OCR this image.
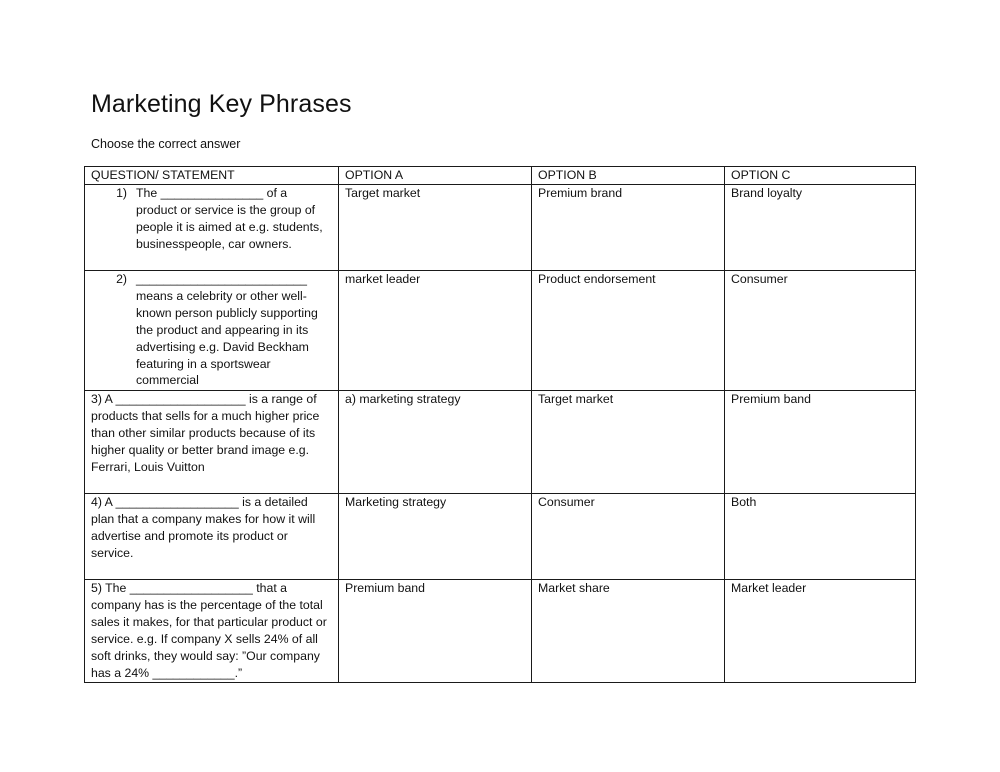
Marketing Key Phrases

Choose the correct answer

QUESTION/ STATEMENT	OPTION A	OPTION B	OPTION C

1) The _______________ of a product or service is the group of people it is aimed at e.g. students, businesspeople, car owners.	Target market	Premium brand	Brand loyalty

2) _________________________ means a celebrity or other well-known person publicly supporting the product and appearing in its advertising e.g. David Beckham featuring in a sportswear commercial	market leader	Product endorsement	Consumer

3) A ___________________ is a range of products that sells for a much higher price than other similar products because of its higher quality or better brand image e.g. Ferrari, Louis Vuitton	a) marketing strategy	Target market	Premium band

4) A __________________ is a detailed plan that a company makes for how it will advertise and promote its product or service.	Marketing strategy	Consumer	Both

5) The __________________ that a company has is the percentage of the total sales it makes, for that particular product or service. e.g. If company X sells 24% of all soft drinks, they would say: ”Our company has a 24% ____________.”	Premium band	Market share	Market leader
